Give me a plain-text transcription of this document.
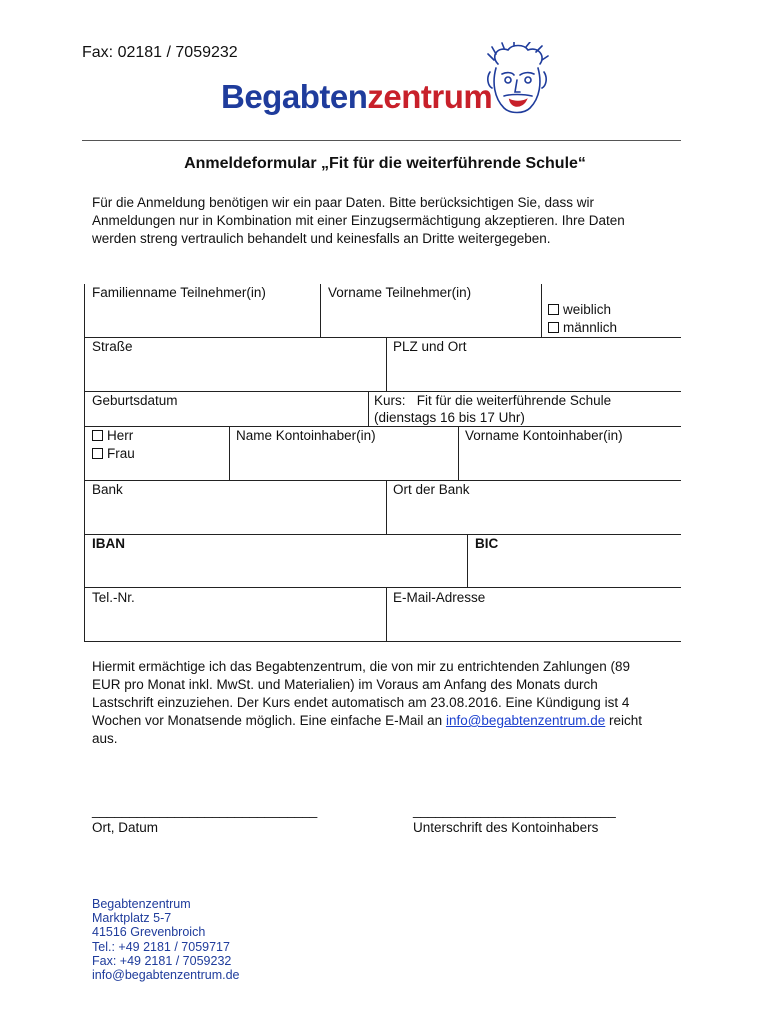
Fax: 02181 / 7059232
Begabtenzentrum
Anmeldeformular „Fit für die weiterführende Schule“
Für die Anmeldung benötigen wir ein paar Daten. Bitte berücksichtigen Sie, dass wir
Anmeldungen nur in Kombination mit einer Einzugsermächtigung akzeptieren. Ihre Daten
werden streng vertraulich behandelt und keinesfalls an Dritte weitergegeben.
Familienname Teilnehmer(in)	Vorname Teilnehmer(in)
weiblich
männlich
Straße	PLZ und Ort
Geburtsdatum	Kurs:   Fit für die weiterführende Schule
(dienstags 16 bis 17 Uhr)
Herr
Frau
Name Kontoinhaber(in)	Vorname Kontoinhaber(in)
Bank	Ort der Bank
IBAN	BIC
Tel.-Nr.	E-Mail-Adresse
Hiermit ermächtige ich das Begabtenzentrum, die von mir zu entrichtenden Zahlungen (89
EUR pro Monat inkl. MwSt. und Materialien) im Voraus am Anfang des Monats durch
Lastschrift einzuziehen. Der Kurs endet automatisch am 23.08.2016. Eine Kündigung ist 4
Wochen vor Monatsende möglich. Eine einfache E-Mail an info@begabtenzentrum.de reicht
aus.
______________________________
Ort, Datum
___________________________
Unterschrift des Kontoinhabers
Begabtenzentrum
Marktplatz 5-7
41516 Grevenbroich
Tel.: +49 2181 / 7059717
Fax: +49 2181 / 7059232
info@begabtenzentrum.de
